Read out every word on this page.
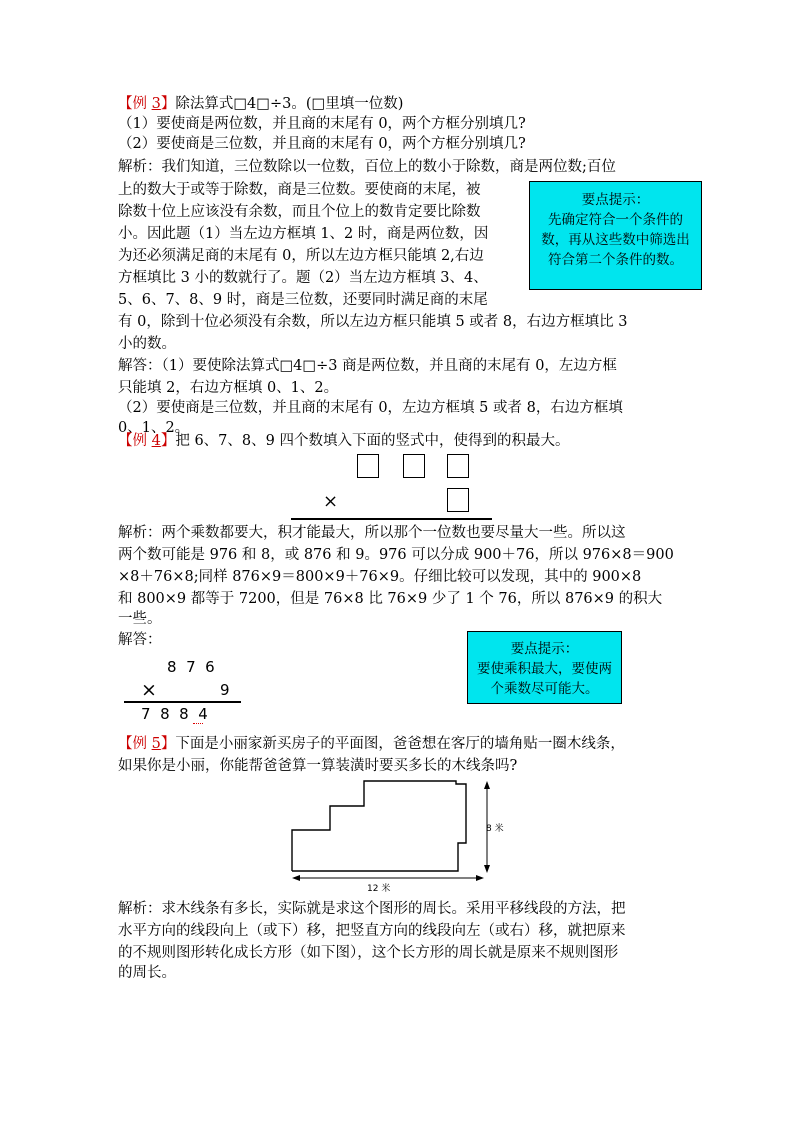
【例 3】除法算式□4□÷3。(□里填一位数)
（1）要使商是两位数，并且商的末尾有 0，两个方框分别填几?
（2）要使商是三位数，并且商的末尾有 0，两个方框分别填几?
解析：我们知道，三位数除以一位数，百位上的数小于除数，商是两位数;百位
上的数大于或等于除数，商是三位数。要使商的末尾，被
除数十位上应该没有余数，而且个位上的数肯定要比除数
小。因此题（1）当左边方框填 1、2 时，商是两位数，因
为还必须满足商的末尾有 0，所以左边方框只能填 2,右边
方框填比 3 小的数就行了。题（2）当左边方框填 3、4、
5、6、7、8、9 时，商是三位数，还要同时满足商的末尾
有 0，除到十位必须没有余数，所以左边方框只能填 5 或者 8，右边方框填比 3
小的数。
解答：（1）要使除法算式□4□÷3 商是两位数，并且商的末尾有 0，左边方框
只能填 2，右边方框填 0、1、2。
（2）要使商是三位数，并且商的末尾有 0，左边方框填 5 或者 8，右边方框填
0、1、2。
要点提示：
先确定符合一个条件的
数，再从这些数中筛选出
符合第二个条件的数。
【例 4】把 6、7、8、9 四个数填入下面的竖式中，使得到的积最大。
×
解析：两个乘数都要大，积才能最大，所以那个一位数也要尽量大一些。所以这
两个数可能是 976 和 8，或 876 和 9。976 可以分成 900＋76，所以 976×8＝900
×8＋76×8;同样 876×9＝800×9＋76×9。仔细比较可以发现，其中的 900×8
和 800×9 都等于 7200，但是 76×8 比 76×9 少了 1 个 76，所以 876×9 的积大
一些。
解答：
8  7  6
×	9
7  8  8  4
要点提示：
要使乘积最大，要使两
个乘数尽可能大。
【例 5】下面是小丽家新买房子的平面图，爸爸想在客厅的墙角贴一圈木线条，
如果你是小丽，你能帮爸爸算一算装潢时要买多长的木线条吗?
8 米
12 米
解析：求木线条有多长，实际就是求这个图形的周长。采用平移线段的方法，把
水平方向的线段向上（或下）移，把竖直方向的线段向左（或右）移，就把原来
的不规则图形转化成长方形（如下图），这个长方形的周长就是原来不规则图形
的周长。
